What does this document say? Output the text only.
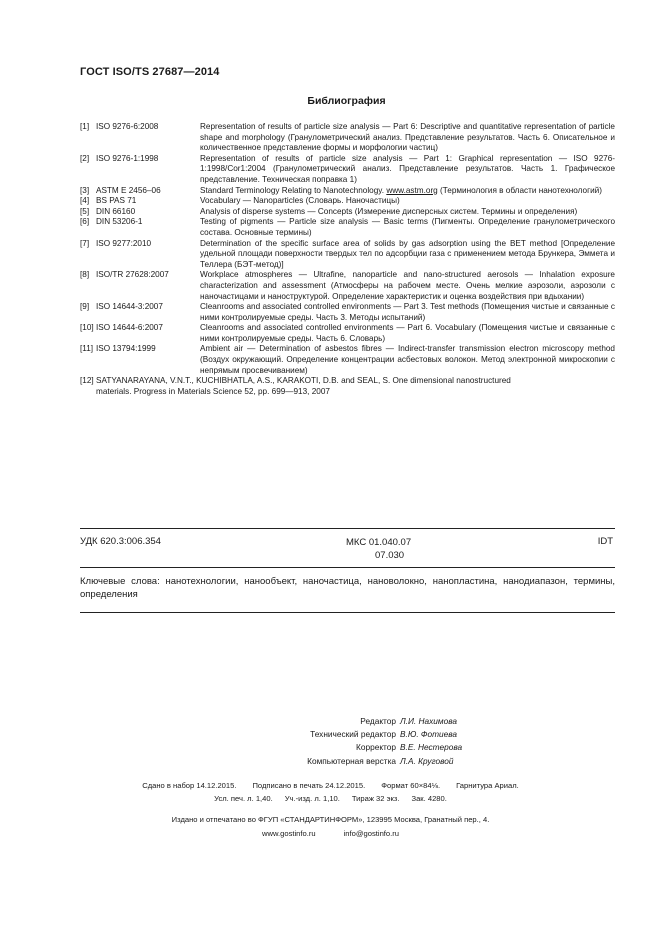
ГОСТ ISO/TS 27687—2014
Библиография
[1] ISO 9276-6:2008	Representation of results of particle size analysis — Part 6: Descriptive and quantitative representation of particle shape and morphology (Гранулометрический анализ. Представление результатов. Часть 6. Описательное и количественное представление формы и морфологии частиц)
[2] ISO 9276-1:1998	Representation of results of particle size analysis — Part 1: Graphical representation — ISO 9276-1:1998/Cor1:2004 (Гранулометрический анализ. Представление результатов. Часть 1. Графическое представление. Техническая поправка 1)
[3] ASTM E 2456–06	Standard Terminology Relating to Nanotechnology. www.astm.org (Терминология в области нанотехнологий)
[4] BS PAS 71	Vocabulary — Nanoparticles (Словарь. Наночастицы)
[5] DIN 66160	Analysis of disperse systems — Concepts (Измерение дисперсных систем. Термины и определения)
[6] DIN 53206-1	Testing of pigments — Particle size analysis — Basic terms (Пигменты. Определение гранулометрического состава. Основные термины)
[7] ISO 9277:2010	Determination of the specific surface area of solids by gas adsorption using the BET method [Определение удельной площади поверхности твердых тел по адсорбции газа с применением метода Брункера, Эммета и Теллера (БЭТ-метод)]
[8] ISO/TR 27628:2007	Workplace atmospheres — Ultrafine, nanoparticle and nano-structured aerosols — Inhalation exposure characterization and assessment (Атмосферы на рабочем месте. Очень мелкие аэрозоли, аэрозоли с наночастицами и наноструктурой. Определение характеристик и оценка воздействия при вдыхании)
[9] ISO 14644-3:2007	Cleanrooms and associated controlled environments — Part 3. Test methods (Помещения чистые и связанные с ними контролируемые среды. Часть 3. Методы испытаний)
[10] ISO 14644-6:2007	Cleanrooms and associated controlled environments — Part 6. Vocabulary (Помещения чистые и связанные с ними контролируемые среды. Часть 6. Словарь)
[11] ISO 13794:1999	Ambient air — Determination of asbestos fibres — Indirect-transfer transmission electron microscopy method (Воздух окружающий. Определение концентрации асбестовых волокон. Метод электронной микроскопии с непрямым просвечиванием)
[12] SATYANARAYANA, V.N.T., KUCHIBHATLA, A.S., KARAKOTI, D.B. and SEAL, S. One dimensional nanostructured
materials. Progress in Materials Science 52, pp. 699—913, 2007
УДК 620.3:006.354	МКС 01.040.07
07.030
IDT
Ключевые слова: нанотехнологии, нанообъект, наночастица, нановолокно, нанопластина, нанодиапазон, термины, определения
Редактор Л.И. Нахимова
Технический редактор В.Ю. Фотиева
Корректор В.Е. Нестерова
Компьютерная верстка Л.А. Круговой
Сдано в набор 14.12.2015. Подписано в печать 24.12.2015. Формат 60×84⅛. Гарнитура Ариал.
Усл. печ. л. 1,40. Уч.-изд. л. 1,10. Тираж 32 экз. Зак. 4280.
Издано и отпечатано во ФГУП «СТАНДАРТИНФОРМ», 123995 Москва, Гранатный пер., 4.
www.gostinfo.ru	info@gostinfo.ru
